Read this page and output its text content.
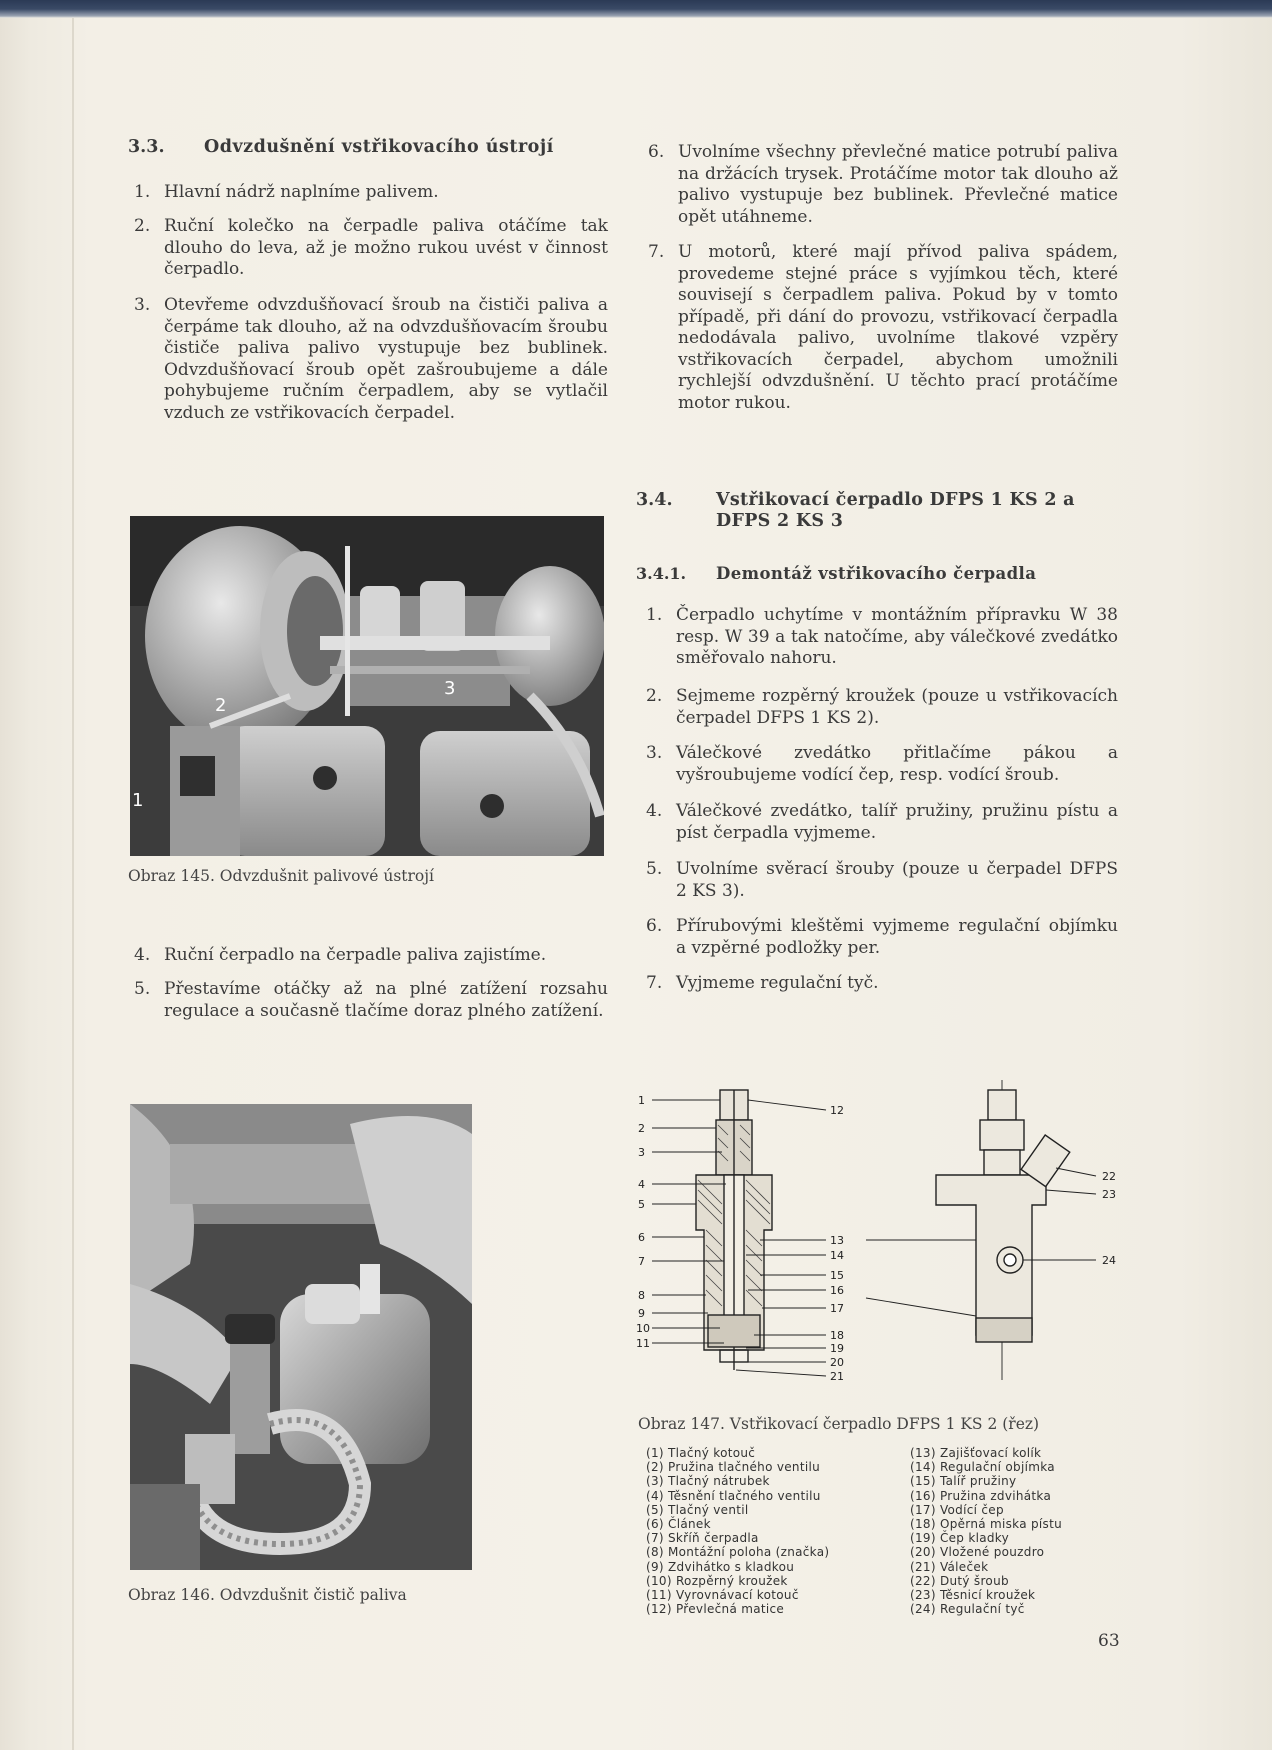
3.3. Odvzdušnění vstřikovacího ústrojí
1. Hlavní nádrž naplníme palivem.
2. Ruční kolečko na čerpadle paliva otáčíme tak dlouho do leva, až je možno rukou uvést v činnost čerpadlo.
3. Otevřeme odvzdušňovací šroub na čističi paliva a čerpáme tak dlouho, až na odvzdušňovacím šroubu čističe paliva palivo vystupuje bez bublinek. Odvzdušňovací šroub opět zašroubujeme a dále pohybujeme ručním čerpadlem, aby se vytlačil vzduch ze vstřikovacích čerpadel.
6. Uvolníme všechny převlečné matice potrubí paliva na držácích trysek. Protáčíme motor tak dlouho až palivo vystupuje bez bublinek. Převlečné matice opět utáhneme.
7. U motorů, které mají přívod paliva spádem, provedeme stejné práce s vyjímkou těch, které souvisejí s čerpadlem paliva. Pokud by v tomto případě, při dání do provozu, vstřikovací čerpadla nedodávala palivo, uvolníme tlakové vzpěry vstřikovacích čerpadel, abychom umožnili rychlejší odvzdušnění. U těchto prací protáčíme motor rukou.
2
3
1
Obraz 145. Odvzdušnit palivové ústrojí
4. Ruční čerpadlo na čerpadle paliva zajistíme.
5. Přestavíme otáčky až na plné zatížení rozsahu regulace a současně tlačíme doraz plného zatížení.
Obraz 146. Odvzdušnit čistič paliva
3.4. Vstřikovací čerpadlo DFPS 1 KS 2 a
DFPS 2 KS 3
3.4.1. Demontáž vstřikovacího čerpadla
1. Čerpadlo uchytíme v montážním přípravku W 38 resp. W 39 a tak natočíme, aby válečkové zvedátko směřovalo nahoru.
2. Sejmeme rozpěrný kroužek (pouze u vstřikovacích čerpadel DFPS 1 KS 2).
3. Válečkové zvedátko přitlačíme pákou a vyšroubujeme vodící čep, resp. vodící šroub.
4. Válečkové zvedátko, talíř pružiny, pružinu pístu a píst čerpadla vyjmeme.
5. Uvolníme svěrací šrouby (pouze u čerpadel DFPS 2 KS 3).
6. Přírubovými kleštěmi vyjmeme regulační objímku a vzpěrné podložky per.
7. Vyjmeme regulační tyč.
1
2
3
4
5
6
7
8
9
10
11
12
13
14
15
16
17
18
19
20
21
22
23
24
Obraz 147. Vstřikovací čerpadlo DFPS 1 KS 2 (řez)
(1) Tlačný kotouč
(2) Pružina tlačného ventilu
(3) Tlačný nátrubek
(4) Těsnění tlačného ventilu
(5) Tlačný ventil
(6) Článek
(7) Skříň čerpadla
(8) Montážní poloha (značka)
(9) Zdvihátko s kladkou
(10) Rozpěrný kroužek
(11) Vyrovnávací kotouč
(12) Převlečná matice
(13) Zajišťovací kolík
(14) Regulační objímka
(15) Talíř pružiny
(16) Pružina zdvihátka
(17) Vodící čep
(18) Opěrná miska pístu
(19) Čep kladky
(20) Vložené pouzdro
(21) Váleček
(22) Dutý šroub
(23) Těsnicí kroužek
(24) Regulační tyč
63
